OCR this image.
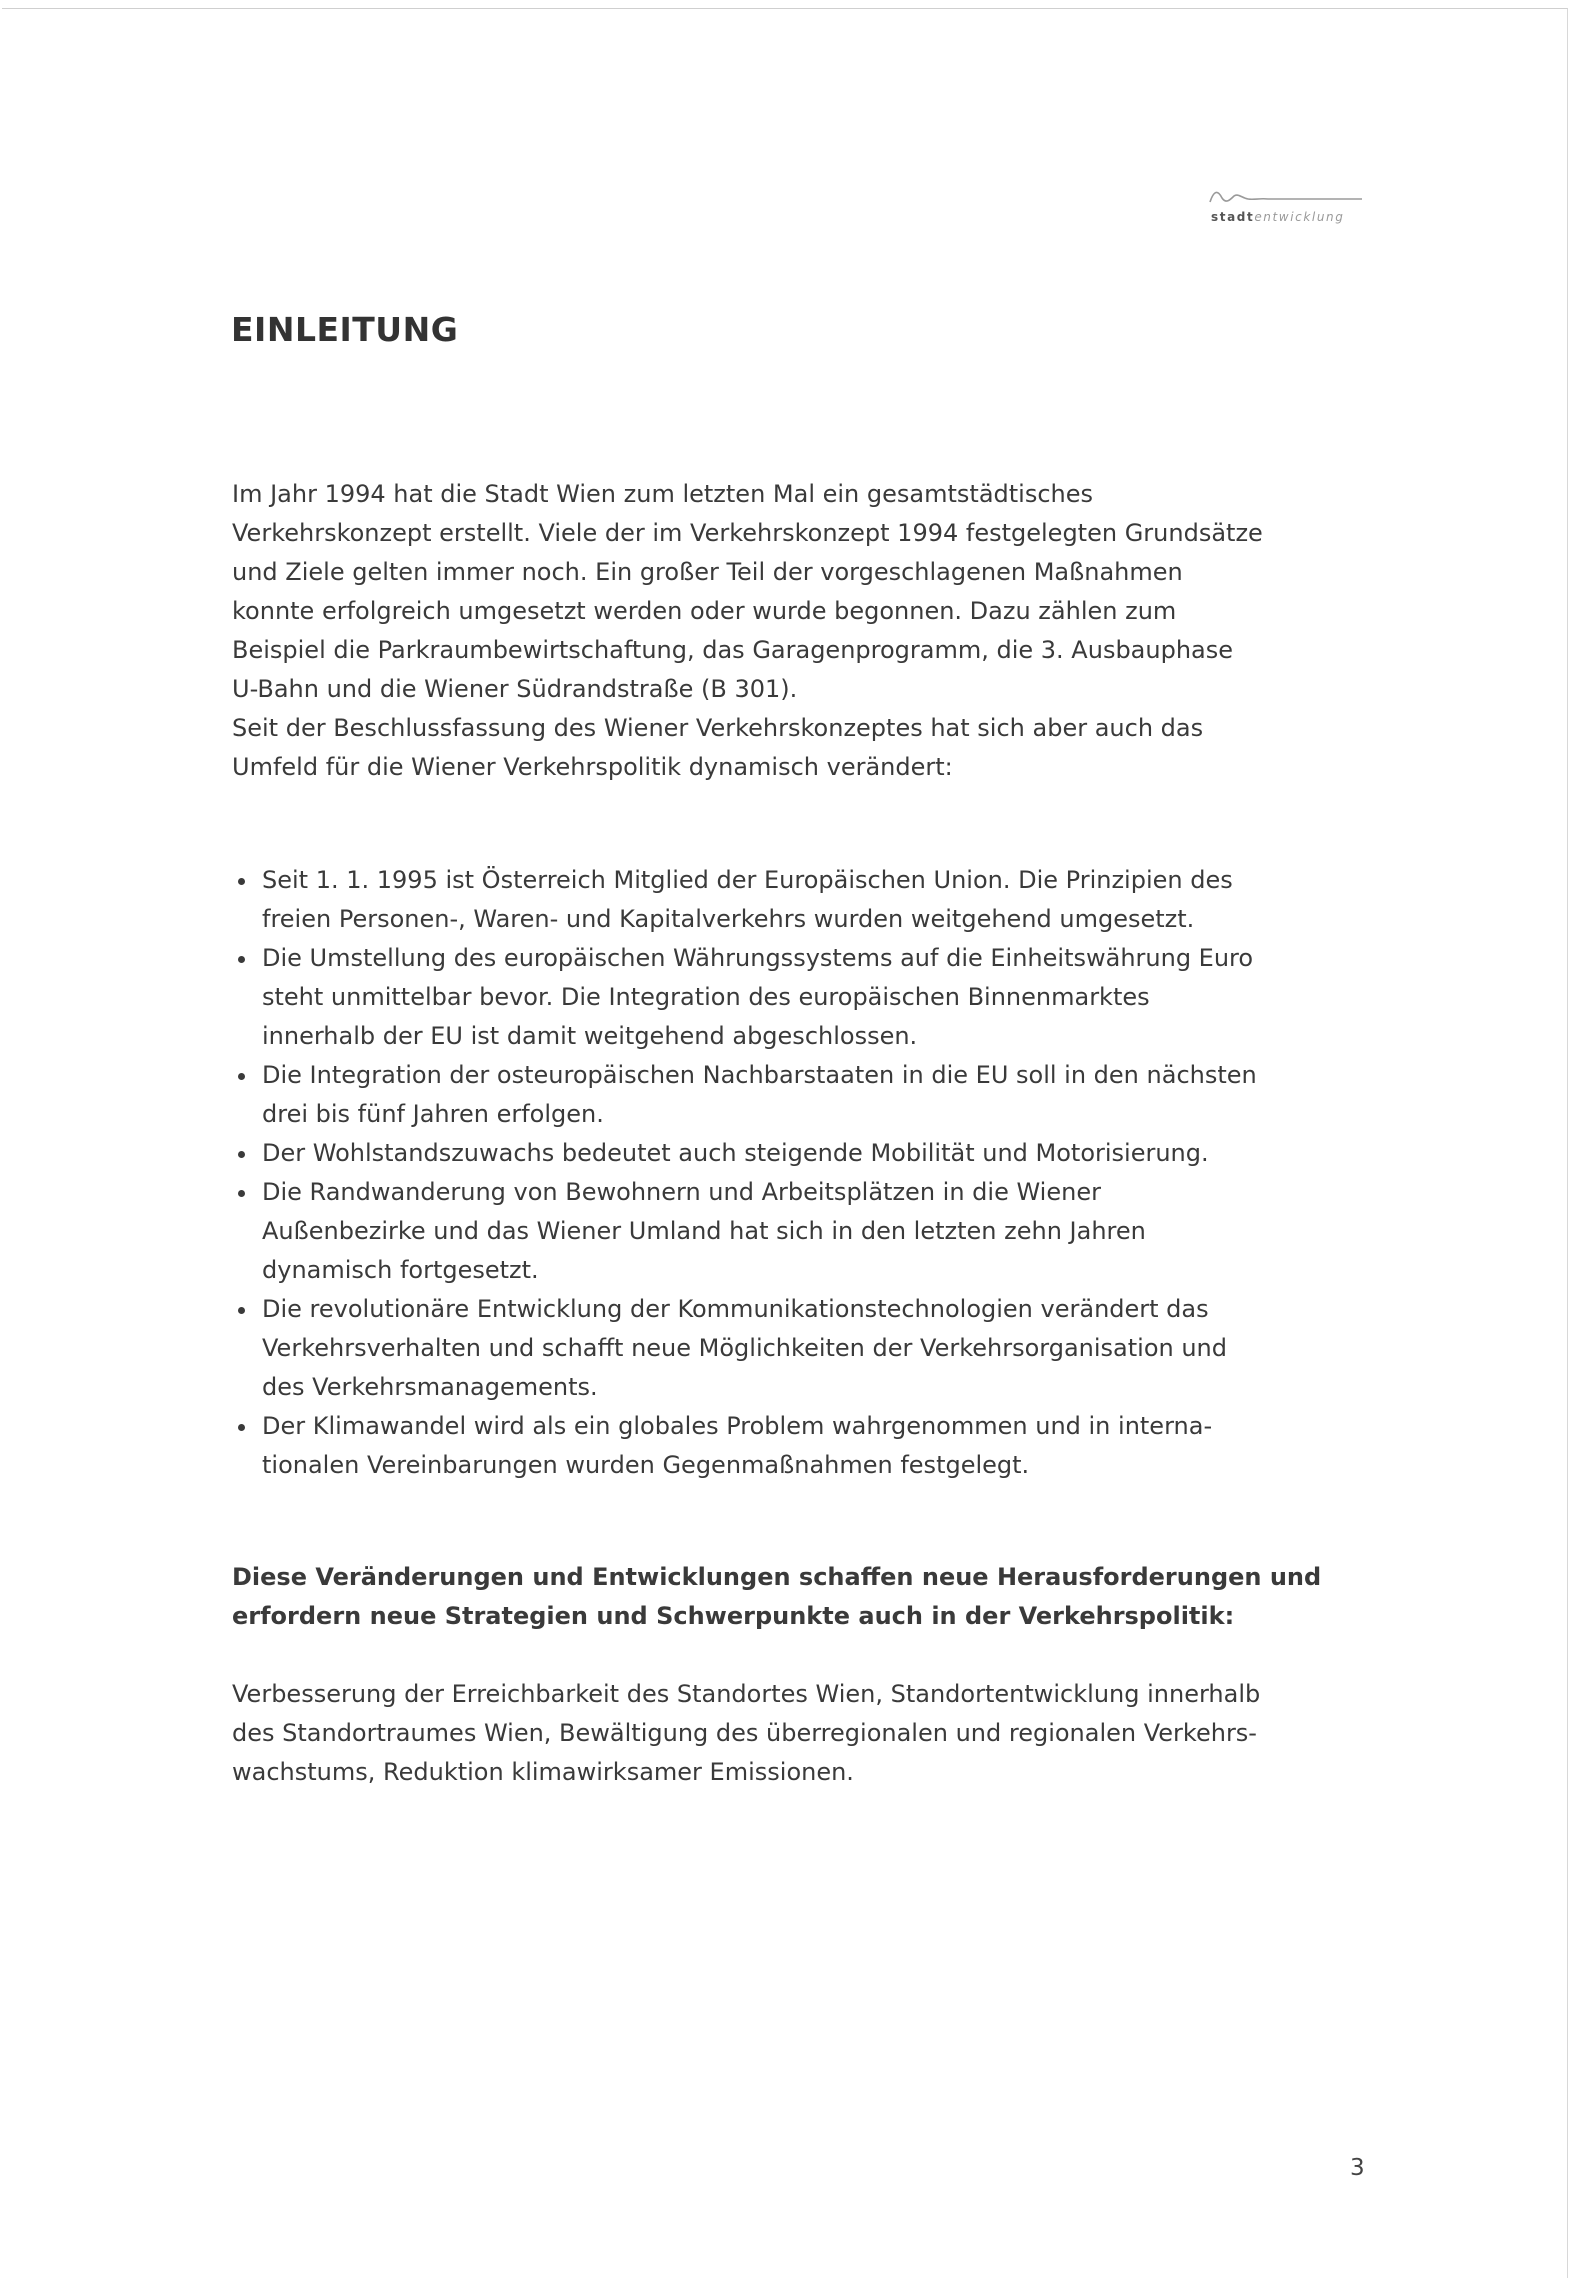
stadtentwicklung
EINLEITUNG
Im Jahr 1994 hat die Stadt Wien zum letzten Mal ein gesamtstädtisches
Verkehrskonzept erstellt. Viele der im Verkehrskonzept 1994 festgelegten Grundsätze
und Ziele gelten immer noch. Ein großer Teil der vorgeschlagenen Maßnahmen
konnte erfolgreich umgesetzt werden oder wurde begonnen. Dazu zählen zum
Beispiel die Parkraumbewirtschaftung, das Garagenprogramm, die 3. Ausbauphase
U-Bahn und die Wiener Südrandstraße (B 301).
Seit der Beschlussfassung des Wiener Verkehrskonzeptes hat sich aber auch das
Umfeld für die Wiener Verkehrspolitik dynamisch verändert:
Seit 1. 1. 1995 ist Österreich Mitglied der Europäischen Union. Die Prinzipien des
freien Personen-, Waren- und Kapitalverkehrs wurden weitgehend umgesetzt.
Die Umstellung des europäischen Währungssystems auf die Einheitswährung Euro
steht unmittelbar bevor. Die Integration des europäischen Binnenmarktes
innerhalb der EU ist damit weitgehend abgeschlossen.
Die Integration der osteuropäischen Nachbarstaaten in die EU soll in den nächsten
drei bis fünf Jahren erfolgen.
Der Wohlstandszuwachs bedeutet auch steigende Mobilität und Motorisierung.
Die Randwanderung von Bewohnern und Arbeitsplätzen in die Wiener
Außenbezirke und das Wiener Umland hat sich in den letzten zehn Jahren
dynamisch fortgesetzt.
Die revolutionäre Entwicklung der Kommunikationstechnologien verändert das
Verkehrsverhalten und schafft neue Möglichkeiten der Verkehrsorganisation und
des Verkehrsmanagements.
Der Klimawandel wird als ein globales Problem wahrgenommen und in interna-
tionalen Vereinbarungen wurden Gegenmaßnahmen festgelegt.
Diese Veränderungen und Entwicklungen schaffen neue Herausforderungen und
erfordern neue Strategien und Schwerpunkte auch in der Verkehrspolitik:
Verbesserung der Erreichbarkeit des Standortes Wien, Standortentwicklung innerhalb
des Standortraumes Wien, Bewältigung des überregionalen und regionalen Verkehrs-
wachstums, Reduktion klimawirksamer Emissionen.
3
